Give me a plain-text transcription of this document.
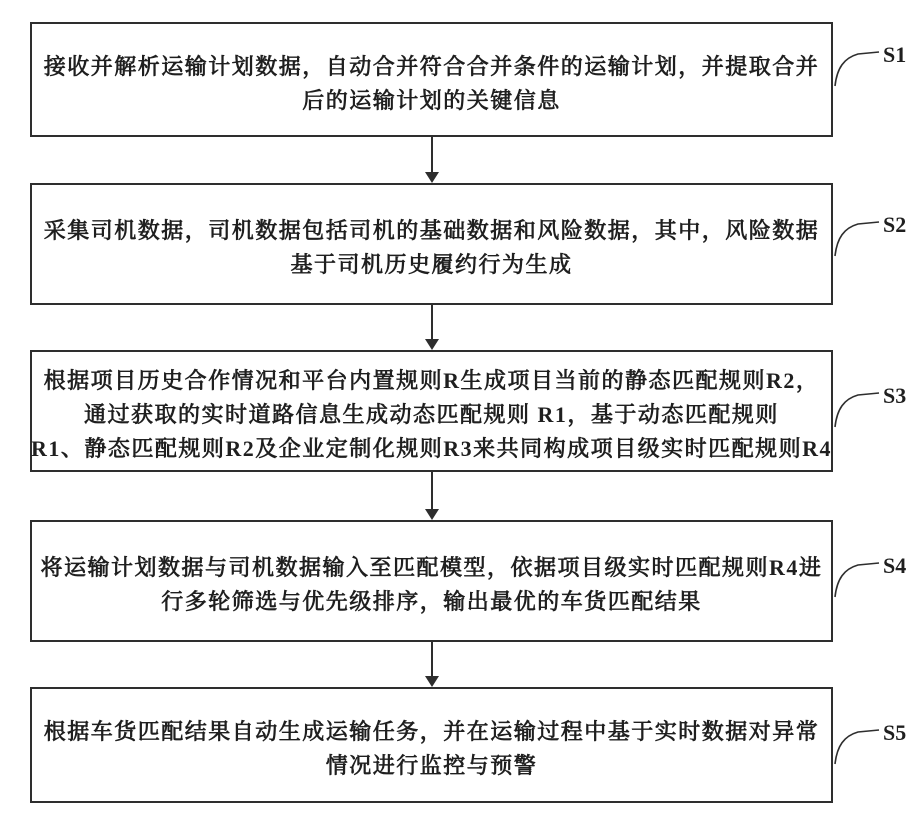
接收并解析运输计划数据，自动合并符合合并条件的运输计划，并提取合并
后的运输计划的关键信息
采集司机数据，司机数据包括司机的基础数据和风险数据，其中，风险数据
基于司机历史履约行为生成
根据项目历史合作情况和平台内置规则R生成项目当前的静态匹配规则R2，
通过获取的实时道路信息生成动态匹配规则 R1，基于动态匹配规则
R1、静态匹配规则R2及企业定制化规则R3来共同构成项目级实时匹配规则R4
将运输计划数据与司机数据输入至匹配模型，依据项目级实时匹配规则R4进
行多轮筛选与优先级排序，输出最优的车货匹配结果
根据车货匹配结果自动生成运输任务，并在运输过程中基于实时数据对异常
情况进行监控与预警
S1
S2
S3
S4
S5
